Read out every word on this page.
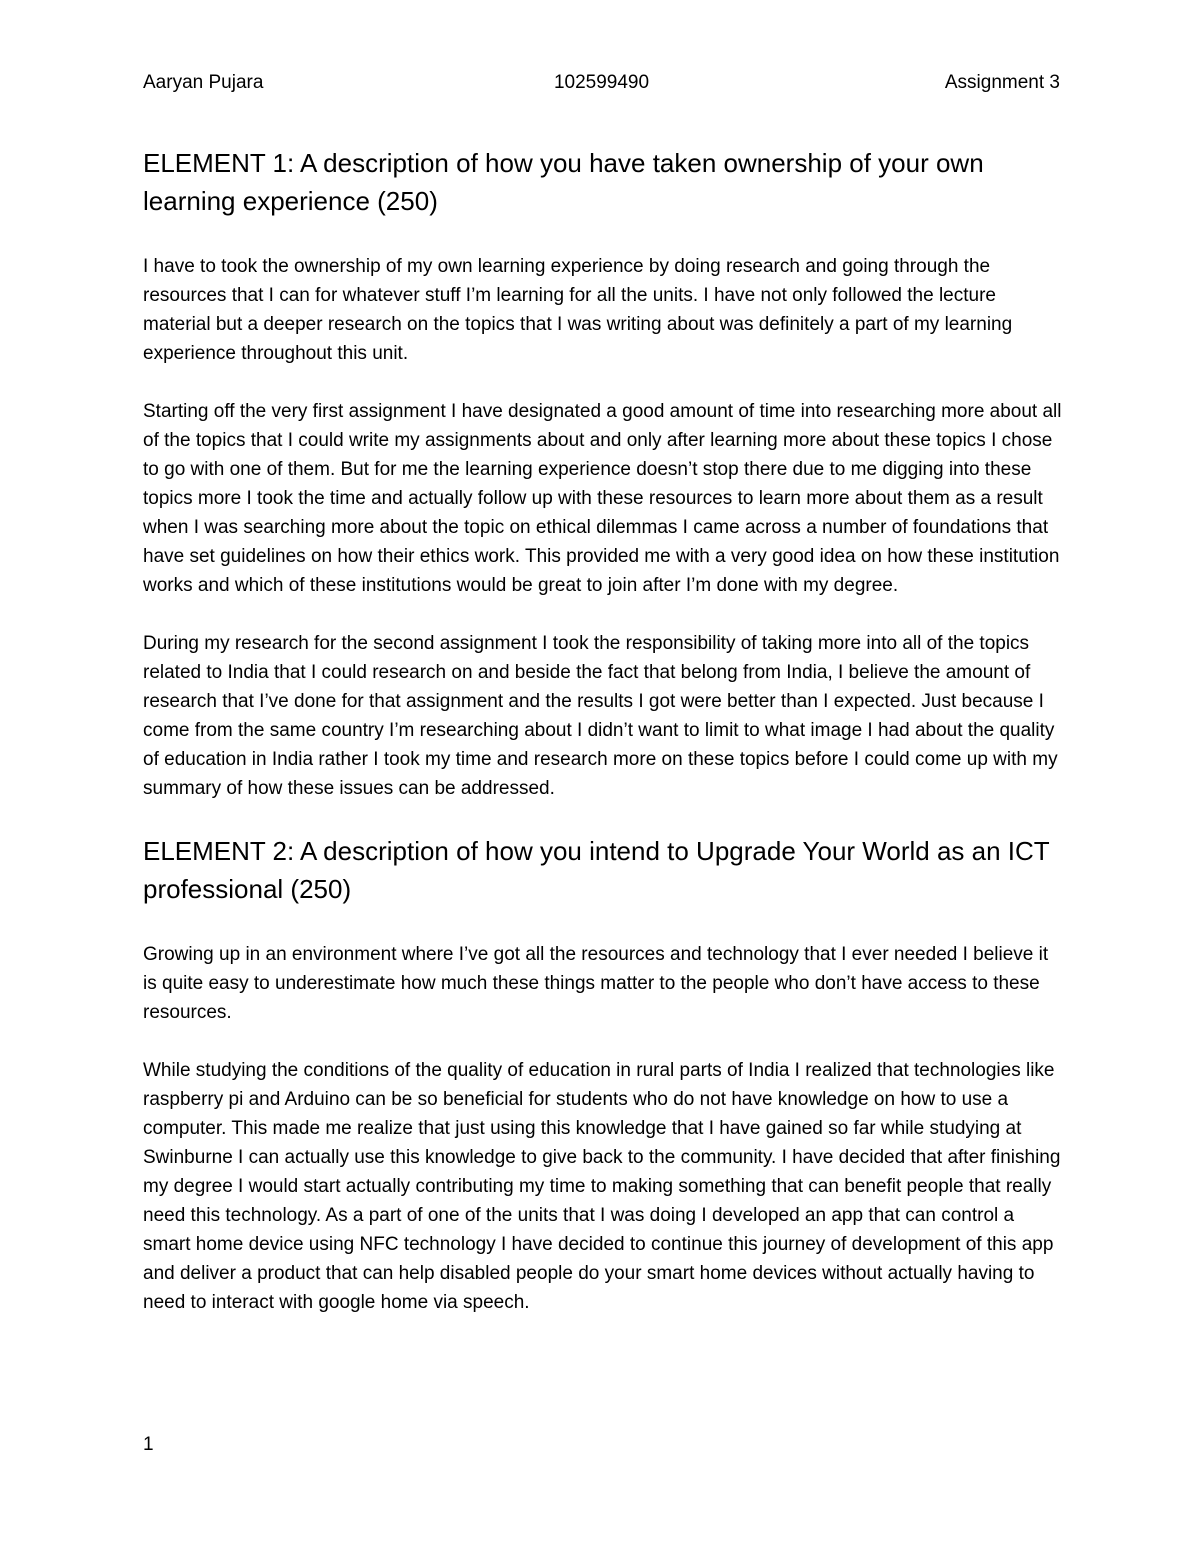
Aaryan Pujara	102599490	Assignment 3
ELEMENT 1: A description of how you have taken ownership of your own learning experience (250)

I have to took the ownership of my own learning experience by doing research and going through the resources that I can for whatever stuff I’m learning for all the units. I have not only followed the lecture material but a deeper research on the topics that I was writing about was definitely a part of my learning experience throughout this unit.

Starting off the very first assignment I have designated a good amount of time into researching more about all of the topics that I could write my assignments about and only after learning more about these topics I chose to go with one of them. But for me the learning experience doesn’t stop there due to me digging into these topics more I took the time and actually follow up with these resources to learn more about them as a result when I was searching more about the topic on ethical dilemmas I came across a number of foundations that have set guidelines on how their ethics work. This provided me with a very good idea on how these institution works and which of these institutions would be great to join after I’m done with my degree.

During my research for the second assignment I took the responsibility of taking more into all of the topics related to India that I could research on and beside the fact that belong from India, I believe the amount of research that I’ve done for that assignment and the results I got were better than I expected. Just because I come from the same country I’m researching about I didn’t want to limit to what image I had about the quality of education in India rather I took my time and research more on these topics before I could come up with my summary of how these issues can be addressed.

ELEMENT 2: A description of how you intend to Upgrade Your World as an ICT professional (250)

Growing up in an environment where I’ve got all the resources and technology that I ever needed I believe it is quite easy to underestimate how much these things matter to the people who don’t have access to these resources.

While studying the conditions of the quality of education in rural parts of India I realized that technologies like raspberry pi and Arduino can be so beneficial for students who do not have knowledge on how to use a computer. This made me realize that just using this knowledge that I have gained so far while studying at Swinburne I can actually use this knowledge to give back to the community. I have decided that after finishing my degree I would start actually contributing my time to making something that can benefit people that really need this technology. As a part of one of the units that I was doing I developed an app that can control a smart home device using NFC technology I have decided to continue this journey of development of this app and deliver a product that can help disabled people do your smart home devices without actually having to need to interact with google home via speech.

1
